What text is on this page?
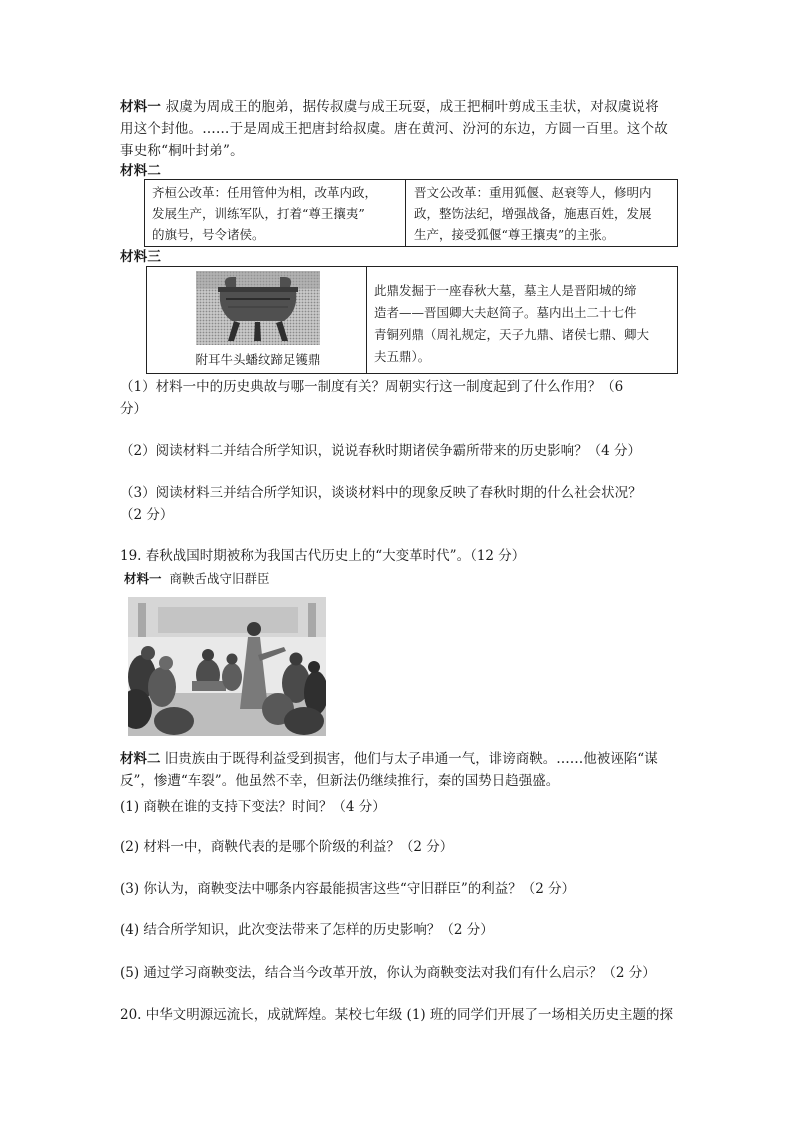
材料一 叔虞为周成王的胞弟，据传叔虞与成王玩耍，成王把桐叶剪成玉圭状，对叔虞说将
用这个封他。……于是周成王把唐封给叔虞。唐在黄河、汾河的东边，方圆一百里。这个故
事史称“桐叶封弟”。
材料二
齐桓公改革：任用管仲为相，改革内政，
发展生产，训练军队，打着“尊王攘夷”
的旗号，号令诸侯。
晋文公改革：重用狐偃、赵衰等人，修明内
政，整饬法纪，增强战备，施惠百姓，发展
生产，接受狐偃“尊王攘夷”的主张。
材料三
附耳牛头蟠纹蹄足镬鼎
此鼎发掘于一座春秋大墓，墓主人是晋阳城的缔
造者——晋国卿大夫赵简子。墓内出土二十七件
青铜列鼎（周礼规定，天子九鼎、诸侯七鼎、卿大
夫五鼎）。
（1）材料一中的历史典故与哪一制度有关？周朝实行这一制度起到了什么作用？（6
分）
（2）阅读材料二并结合所学知识，说说春秋时期诸侯争霸所带来的历史影响？（4 分）
（3）阅读材料三并结合所学知识，谈谈材料中的现象反映了春秋时期的什么社会状况？
（2 分）
19. 春秋战国时期被称为我国古代历史上的“大变革时代”。（12 分）
材料一 商鞅舌战守旧群臣
材料二 旧贵族由于既得利益受到损害，他们与太子串通一气，诽谤商鞅。……他被诬陷“谋
反”，惨遭“车裂”。他虽然不幸，但新法仍继续推行，秦的国势日趋强盛。
(1) 商鞅在谁的支持下变法？时间？（4 分）
(2) 材料一中，商鞅代表的是哪个阶级的利益？（2 分）
(3) 你认为，商鞅变法中哪条内容最能损害这些“守旧群臣”的利益？（2 分）
(4) 结合所学知识，此次变法带来了怎样的历史影响？（2 分）
(5) 通过学习商鞅变法，结合当今改革开放，你认为商鞅变法对我们有什么启示？（2 分）
20. 中华文明源远流长，成就辉煌。某校七年级 (1) 班的同学们开展了一场相关历史主题的探
